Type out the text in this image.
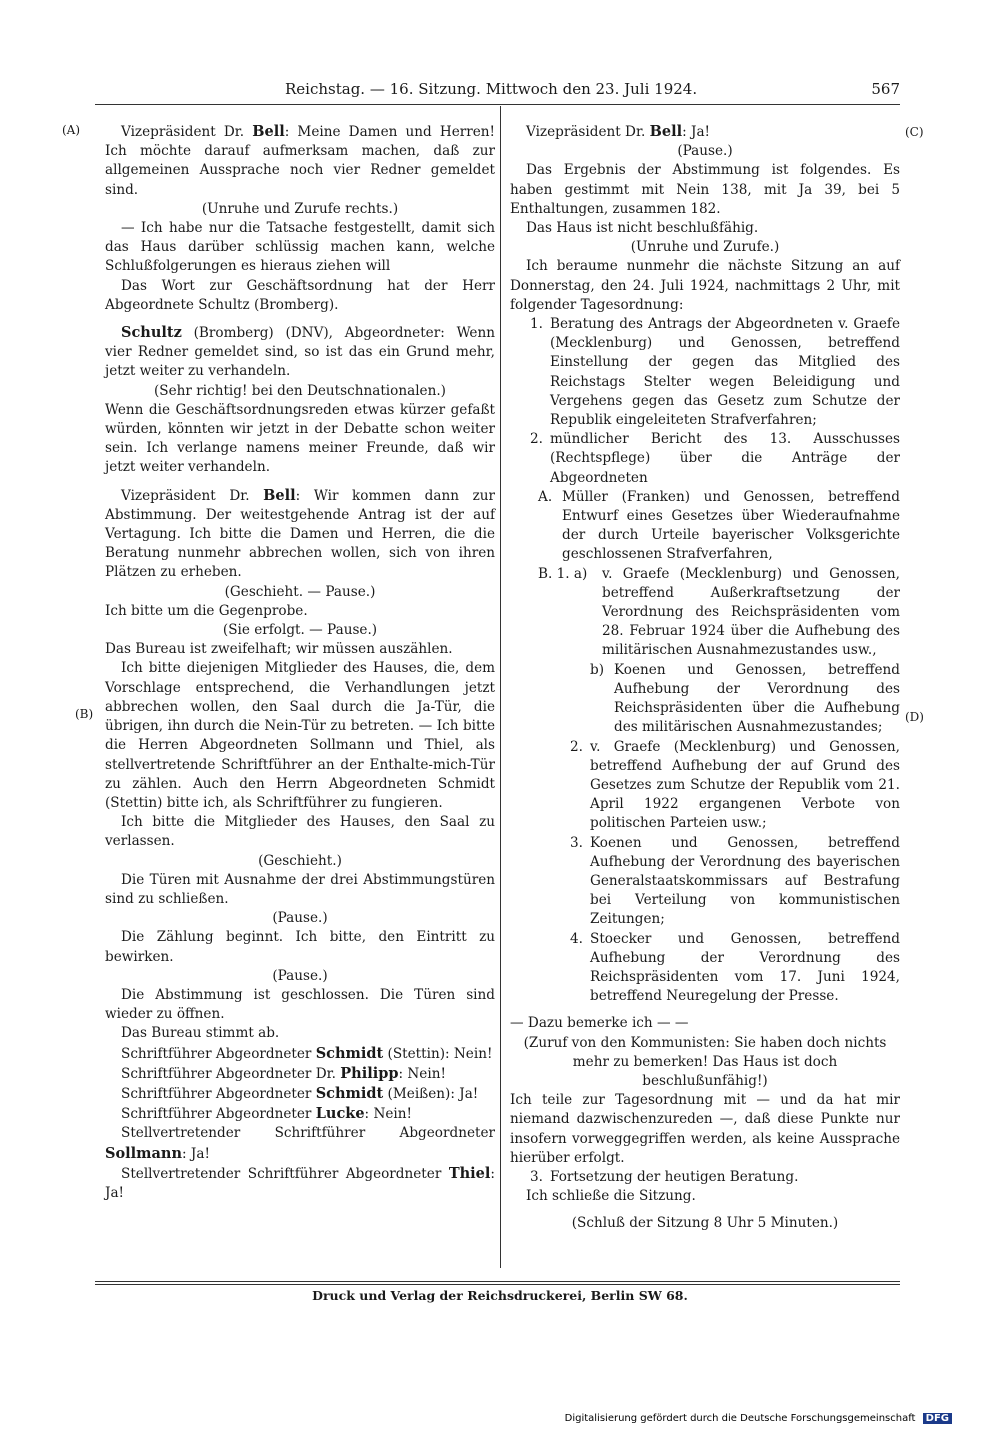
Reichstag. — 16. Sitzung. Mittwoch den 23. Juli 1924.	567
(A)
(B)
(C)
(D)

Vizepräsident Dr. Bell: Meine Damen und Herren! Ich möchte darauf aufmerksam machen, daß zur allgemeinen Aussprache noch vier Redner gemeldet sind.

(Unruhe und Zurufe rechts.)

— Ich habe nur die Tatsache festgestellt, damit sich das Haus darüber schlüssig machen kann, welche Schlußfolgerungen es hieraus ziehen will

Das Wort zur Geschäftsordnung hat der Herr Abgeordnete Schultz (Bromberg).

Schultz (Bromberg) (DNV), Abgeordneter: Wenn vier Redner gemeldet sind, so ist das ein Grund mehr, jetzt weiter zu verhandeln.

(Sehr richtig! bei den Deutschnationalen.)

Wenn die Geschäftsordnungsreden etwas kürzer gefaßt würden, könnten wir jetzt in der Debatte schon weiter sein. Ich verlange namens meiner Freunde, daß wir jetzt weiter verhandeln.

Vizepräsident Dr. Bell: Wir kommen dann zur Abstimmung. Der weitestgehende Antrag ist der auf Vertagung. Ich bitte die Damen und Herren, die die Beratung nunmehr abbrechen wollen, sich von ihren Plätzen zu erheben.

(Geschieht. — Pause.)

Ich bitte um die Gegenprobe.

(Sie erfolgt. — Pause.)

Das Bureau ist zweifelhaft; wir müssen auszählen.

Ich bitte diejenigen Mitglieder des Hauses, die, dem Vorschlage entsprechend, die Verhandlungen jetzt abbrechen wollen, den Saal durch die Ja-Tür, die übrigen, ihn durch die Nein-Tür zu betreten. — Ich bitte die Herren Abgeordneten Sollmann und Thiel, als stellvertretende Schriftführer an der Enthalte-mich-Tür zu zählen. Auch den Herrn Abgeordneten Schmidt (Stettin) bitte ich, als Schriftführer zu fungieren.

Ich bitte die Mitglieder des Hauses, den Saal zu verlassen.

(Geschieht.)

Die Türen mit Ausnahme der drei Abstimmungstüren sind zu schließen.

(Pause.)

Die Zählung beginnt. Ich bitte, den Eintritt zu bewirken.

(Pause.)

Die Abstimmung ist geschlossen. Die Türen sind wieder zu öffnen.

Das Bureau stimmt ab.

Schriftführer Abgeordneter Schmidt (Stettin): Nein!

Schriftführer Abgeordneter Dr. Philipp: Nein!

Schriftführer Abgeordneter Schmidt (Meißen): Ja!

Schriftführer Abgeordneter Lucke: Nein!

Stellvertretender Schriftführer Abgeordneter Sollmann: Ja!

Stellvertretender Schriftführer Abgeordneter Thiel: Ja!

Vizepräsident Dr. Bell: Ja!

(Pause.)

Das Ergebnis der Abstimmung ist folgendes. Es haben gestimmt mit Nein 138, mit Ja 39, bei 5 Enthaltungen, zusammen 182.

Das Haus ist nicht beschlußfähig.

(Unruhe und Zurufe.)

Ich beraume nunmehr die nächste Sitzung an auf Donnerstag, den 24. Juli 1924, nachmittags 2 Uhr, mit folgender Tagesordnung:

1. Beratung des Antrags der Abgeordneten v. Graefe (Mecklenburg) und Genossen, betreffend Einstellung der gegen das Mitglied des Reichstags Stelter wegen Beleidigung und Vergehens gegen das Gesetz zum Schutze der Republik eingeleiteten Strafverfahren;
2. mündlicher Bericht des 13. Ausschusses (Rechtspflege) über die Anträge der Abgeordneten
A. Müller (Franken) und Genossen, betreffend Entwurf eines Gesetzes über Wiederaufnahme der durch Urteile bayerischer Volksgerichte geschlossenen Strafverfahren,
B. 1. a)	v. Graefe (Mecklenburg) und Genossen, betreffend Außerkraftsetzung der Verordnung des Reichspräsidenten vom 28. Februar 1924 über die Aufhebung des militärischen Ausnahmezustandes usw.,
b) Koenen und Genossen, betreffend Aufhebung der Verordnung des Reichspräsidenten über die Aufhebung des militärischen Ausnahmezustandes;
2. v. Graefe (Mecklenburg) und Genossen, betreffend Aufhebung der auf Grund des Gesetzes zum Schutze der Republik vom 21. April 1922 ergangenen Verbote von politischen Parteien usw.;
3. Koenen und Genossen, betreffend Aufhebung der Verordnung des bayerischen Generalstaatskommissars auf Bestrafung bei Verteilung von kommunistischen Zeitungen;
4. Stoecker und Genossen, betreffend Aufhebung der Verordnung des Reichspräsidenten vom 17. Juni 1924, betreffend Neuregelung der Presse.

— Dazu bemerke ich — —

(Zuruf von den Kommunisten: Sie haben doch nichts mehr zu bemerken! Das Haus ist doch beschlußunfähig!)

Ich teile zur Tagesordnung mit — und da hat mir niemand dazwischenzureden —, daß diese Punkte nur insofern vorweggegriffen werden, als keine Aussprache hierüber erfolgt.

3. Fortsetzung der heutigen Beratung.

Ich schließe die Sitzung.

(Schluß der Sitzung 8 Uhr 5 Minuten.)

Druck und Verlag der Reichsdruckerei, Berlin SW 68.
Digitalisierung gefördert durch die Deutsche Forschungsgemeinschaft DFG
